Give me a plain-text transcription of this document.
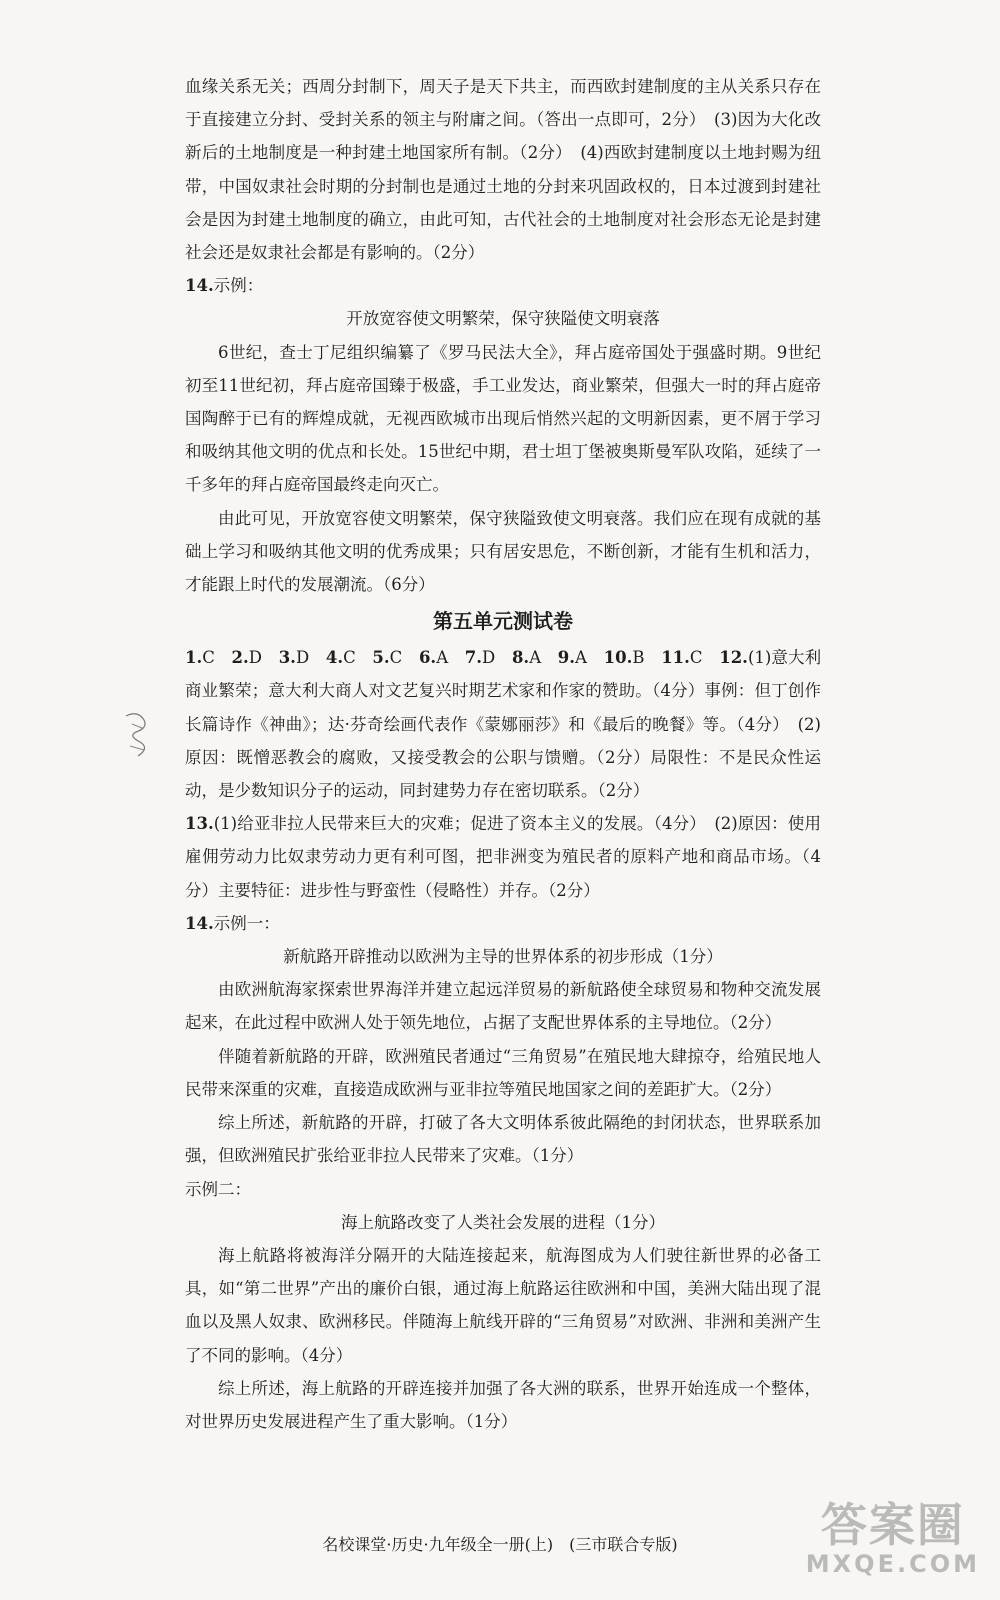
血缘关系无关；西周分封制下，周天子是天下共主，而西欧封建制度的主从关系只存在于直接建立分封、受封关系的领主与附庸之间。（答出一点即可，2分）　(3)因为大化改新后的土地制度是一种封建土地国家所有制。（2分）　(4)西欧封建制度以土地封赐为纽带，中国奴隶社会时期的分封制也是通过土地的分封来巩固政权的，日本过渡到封建社会是因为封建土地制度的确立，由此可知，古代社会的土地制度对社会形态无论是封建社会还是奴隶社会都是有影响的。（2分）

14.示例：

开放宽容使文明繁荣，保守狭隘使文明衰落

6世纪，查士丁尼组织编纂了《罗马民法大全》，拜占庭帝国处于强盛时期。9世纪初至11世纪初，拜占庭帝国臻于极盛，手工业发达，商业繁荣，但强大一时的拜占庭帝国陶醉于已有的辉煌成就，无视西欧城市出现后悄然兴起的文明新因素，更不屑于学习和吸纳其他文明的优点和长处。15世纪中期，君士坦丁堡被奥斯曼军队攻陷，延续了一千多年的拜占庭帝国最终走向灭亡。

由此可见，开放宽容使文明繁荣，保守狭隘致使文明衰落。我们应在现有成就的基础上学习和吸纳其他文明的优秀成果；只有居安思危，不断创新，才能有生机和活力，才能跟上时代的发展潮流。（6分）

第五单元测试卷

1.C　 2.D　 3.D　 4.C　 5.C　 6.A　 7.D　 8.A　 9.A　 10.B　 11.C　 12.(1)意大利商业繁荣；意大利大商人对文艺复兴时期艺术家和作家的赞助。（4分）事例：但丁创作长篇诗作《神曲》；达·芬奇绘画代表作《蒙娜丽莎》和《最后的晚餐》等。（4分）　(2)原因：既憎恶教会的腐败，又接受教会的公职与馈赠。（2分）局限性：不是民众性运动，是少数知识分子的运动，同封建势力存在密切联系。（2分）

13.(1)给亚非拉人民带来巨大的灾难；促进了资本主义的发展。（4分）　(2)原因：使用雇佣劳动力比奴隶劳动力更有利可图，把非洲变为殖民者的原料产地和商品市场。（4分）主要特征：进步性与野蛮性（侵略性）并存。（2分）

14.示例一：

新航路开辟推动以欧洲为主导的世界体系的初步形成（1分）

由欧洲航海家探索世界海洋并建立起远洋贸易的新航路使全球贸易和物种交流发展起来，在此过程中欧洲人处于领先地位，占据了支配世界体系的主导地位。（2分）

伴随着新航路的开辟，欧洲殖民者通过“三角贸易”在殖民地大肆掠夺，给殖民地人民带来深重的灾难，直接造成欧洲与亚非拉等殖民地国家之间的差距扩大。（2分）

综上所述，新航路的开辟，打破了各大文明体系彼此隔绝的封闭状态，世界联系加强，但欧洲殖民扩张给亚非拉人民带来了灾难。（1分）

示例二：

海上航路改变了人类社会发展的进程（1分）

海上航路将被海洋分隔开的大陆连接起来，航海图成为人们驶往新世界的必备工具，如“第二世界”产出的廉价白银，通过海上航路运往欧洲和中国，美洲大陆出现了混血以及黑人奴隶、欧洲移民。伴随海上航线开辟的“三角贸易”对欧洲、非洲和美洲产生了不同的影响。（4分）

综上所述，海上航路的开辟连接并加强了各大洲的联系，世界开始连成一个整体，对世界历史发展进程产生了重大影响。（1分）

名校课堂·历史·九年级全一册(上)　(三市联合专版)	答案圈
MXQE.COM
